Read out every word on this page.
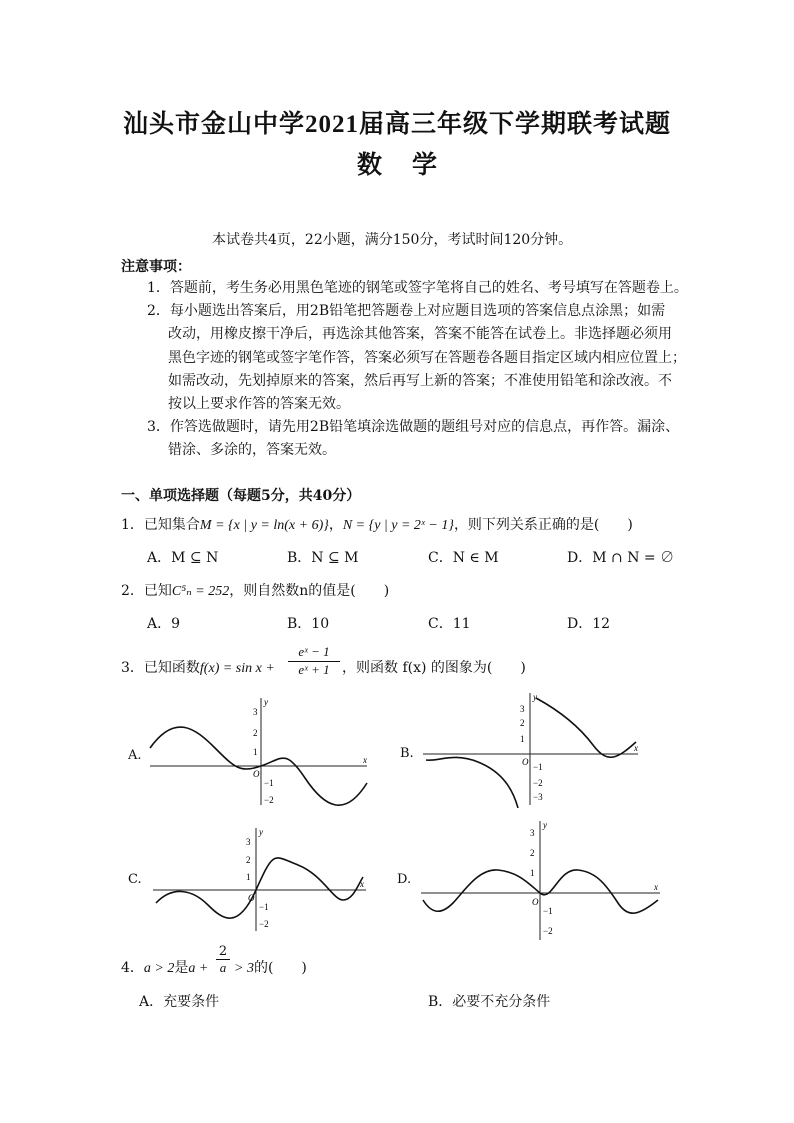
汕头市金山中学2021届高三年级下学期联考试题
数学
本试卷共4页，22小题，满分150分，考试时间120分钟。
注意事项：
1．答题前，考生务必用黑色笔迹的钢笔或签字笔将自己的姓名、考号填写在答题卷上。
2．每小题选出答案后，用2B铅笔把答题卷上对应题目选项的答案信息点涂黑；如需
改动，用橡皮擦干净后，再选涂其他答案，答案不能答在试卷上。非选择题必须用
黑色字迹的钢笔或签字笔作答，答案必须写在答题卷各题目指定区域内相应位置上；
如需改动，先划掉原来的答案，然后再写上新的答案；不准使用铅笔和涂改液。不
按以上要求作答的答案无效。
3．作答选做题时，请先用2B铅笔填涂选做题的题组号对应的信息点，再作答。漏涂、
错涂、多涂的，答案无效。
一、单项选择题（每题5分，共40分）
1．已知集合M = {x | y = ln(x + 6)}，N = {y | y = 2ˣ − 1}，则下列关系正确的是(　　)
A．M ⊆ N	B．N ⊆ M	C．N ∈ M	D．M ∩ N = ∅
2．已知C⁵ₙ = 252，则自然数n的值是(　　)
A．9	B．10	C．11	D．12
3．已知函数$f(x) = \sin x + \frac{\text{eˣ − 1}}{\text{eˣ + 1}}$ ，则函数 f(x) 的图象为(　　)
A.	B.
C.	D.
3
2
1
−1
−2
O
y
x
3
2
1
−1
−2
−3
O
y
x
3
2
1
−1
−2
O
y
x
3
2
1
−1
−2
O
y
x
4．a > 2是$a + \frac{2}{a} > 3$的(　　)
A．充要条件	B．必要不充分条件
